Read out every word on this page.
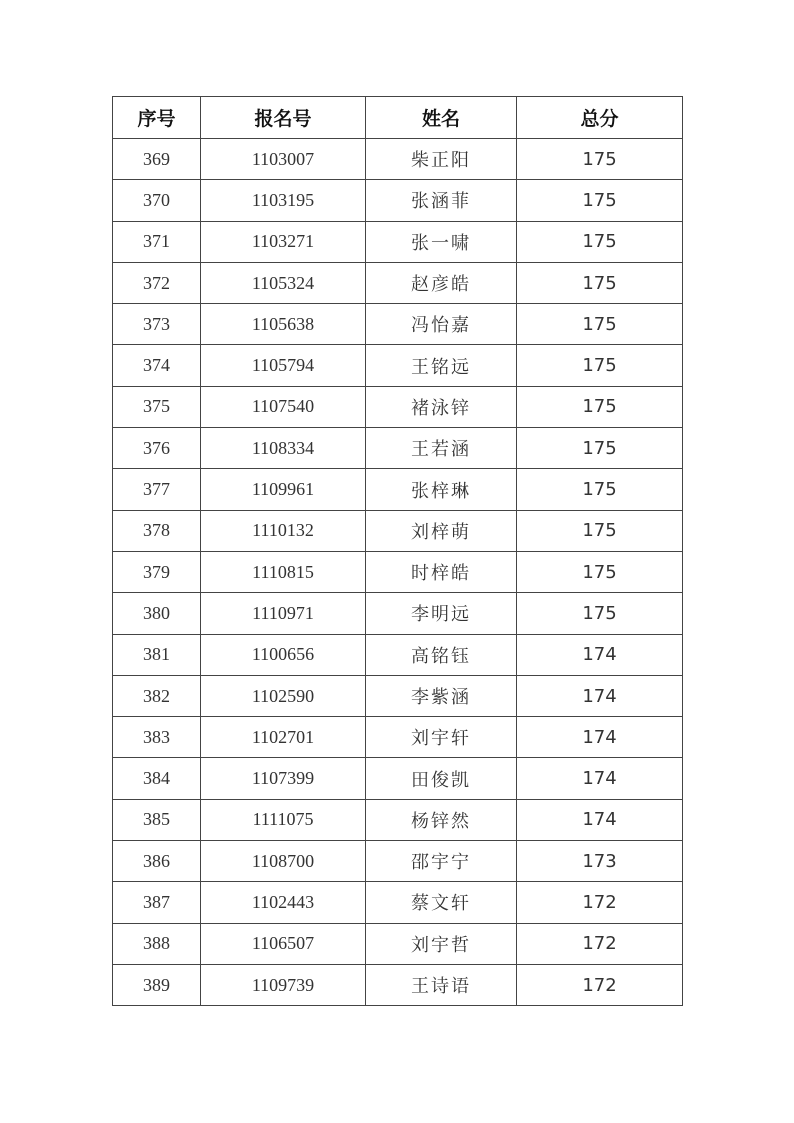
序号	报名号	姓名	总分
369	1103007	柴正阳	175
370	1103195	张涵菲	175
371	1103271	张一啸	175
372	1105324	赵彦皓	175
373	1105638	冯怡嘉	175
374	1105794	王铭远	175
375	1107540	褚泳锌	175
376	1108334	王若涵	175
377	1109961	张梓琳	175
378	1110132	刘梓萌	175
379	1110815	时梓皓	175
380	1110971	李明远	175
381	1100656	高铭钰	174
382	1102590	李紫涵	174
383	1102701	刘宇轩	174
384	1107399	田俊凯	174
385	1111075	杨锌然	174
386	1108700	邵宇宁	173
387	1102443	蔡文轩	172
388	1106507	刘宇哲	172
389	1109739	王诗语	172
